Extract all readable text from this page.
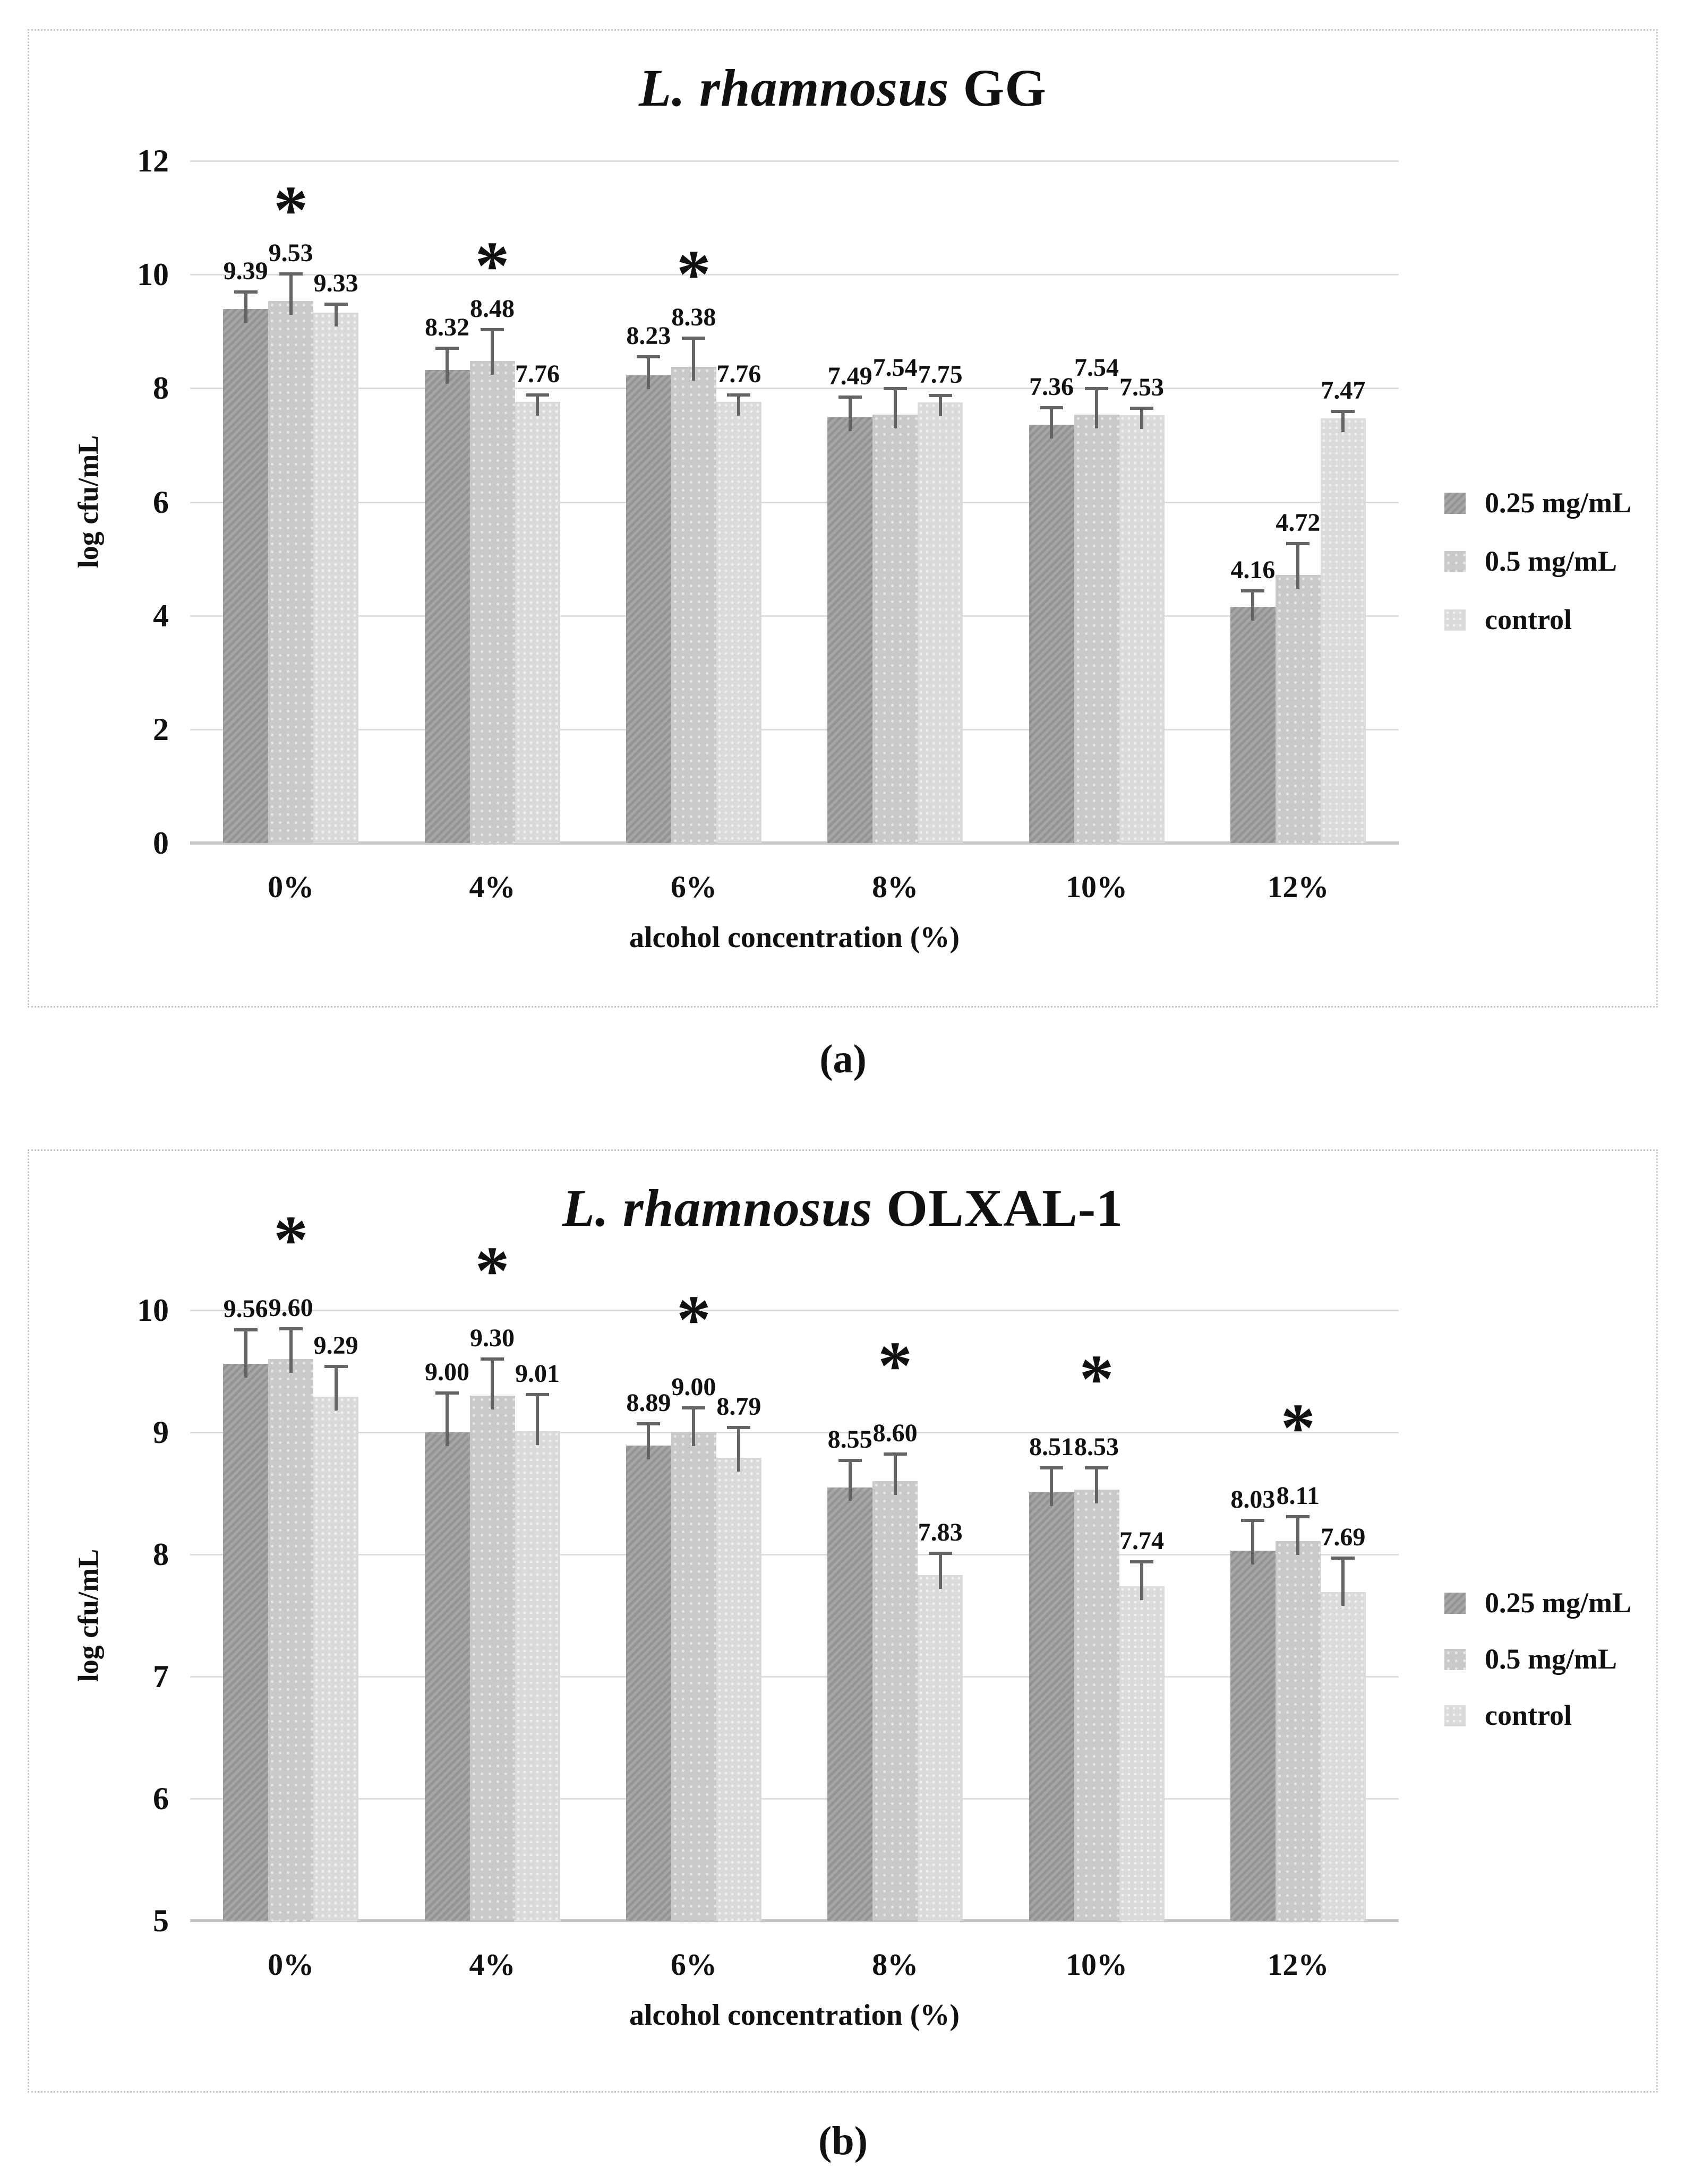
L. rhamnosus GG
log cfu/mL
alcohol concentration (%)
12
10
8
6
4
2
0
0%	4%	6%	8%	10%	12%
9.39
9.53
9.33
*
8.32
8.48
7.76
*
8.23
8.38
7.76
*
7.49 7.54 7.75	7.36
7.54
7.53
4.16
4.72
7.47
0.25 mg/mL
0.5 mg/mL
control
(a)
L. rhamnosus OLXAL-1
log cfu/mL
alcohol concentration (%)
10
9
8
7
6
5
0%	4%	6%	8%	10%	12%
9.56 9.60
9.29
*
9.00
9.30
9.01
*
8.89
9.00
8.79
*
8.55 8.60
7.83
*
8.51 8.53
7.74
*
8.03 8.11
7.69
*
0.25 mg/mL
0.5 mg/mL
control
(b)
